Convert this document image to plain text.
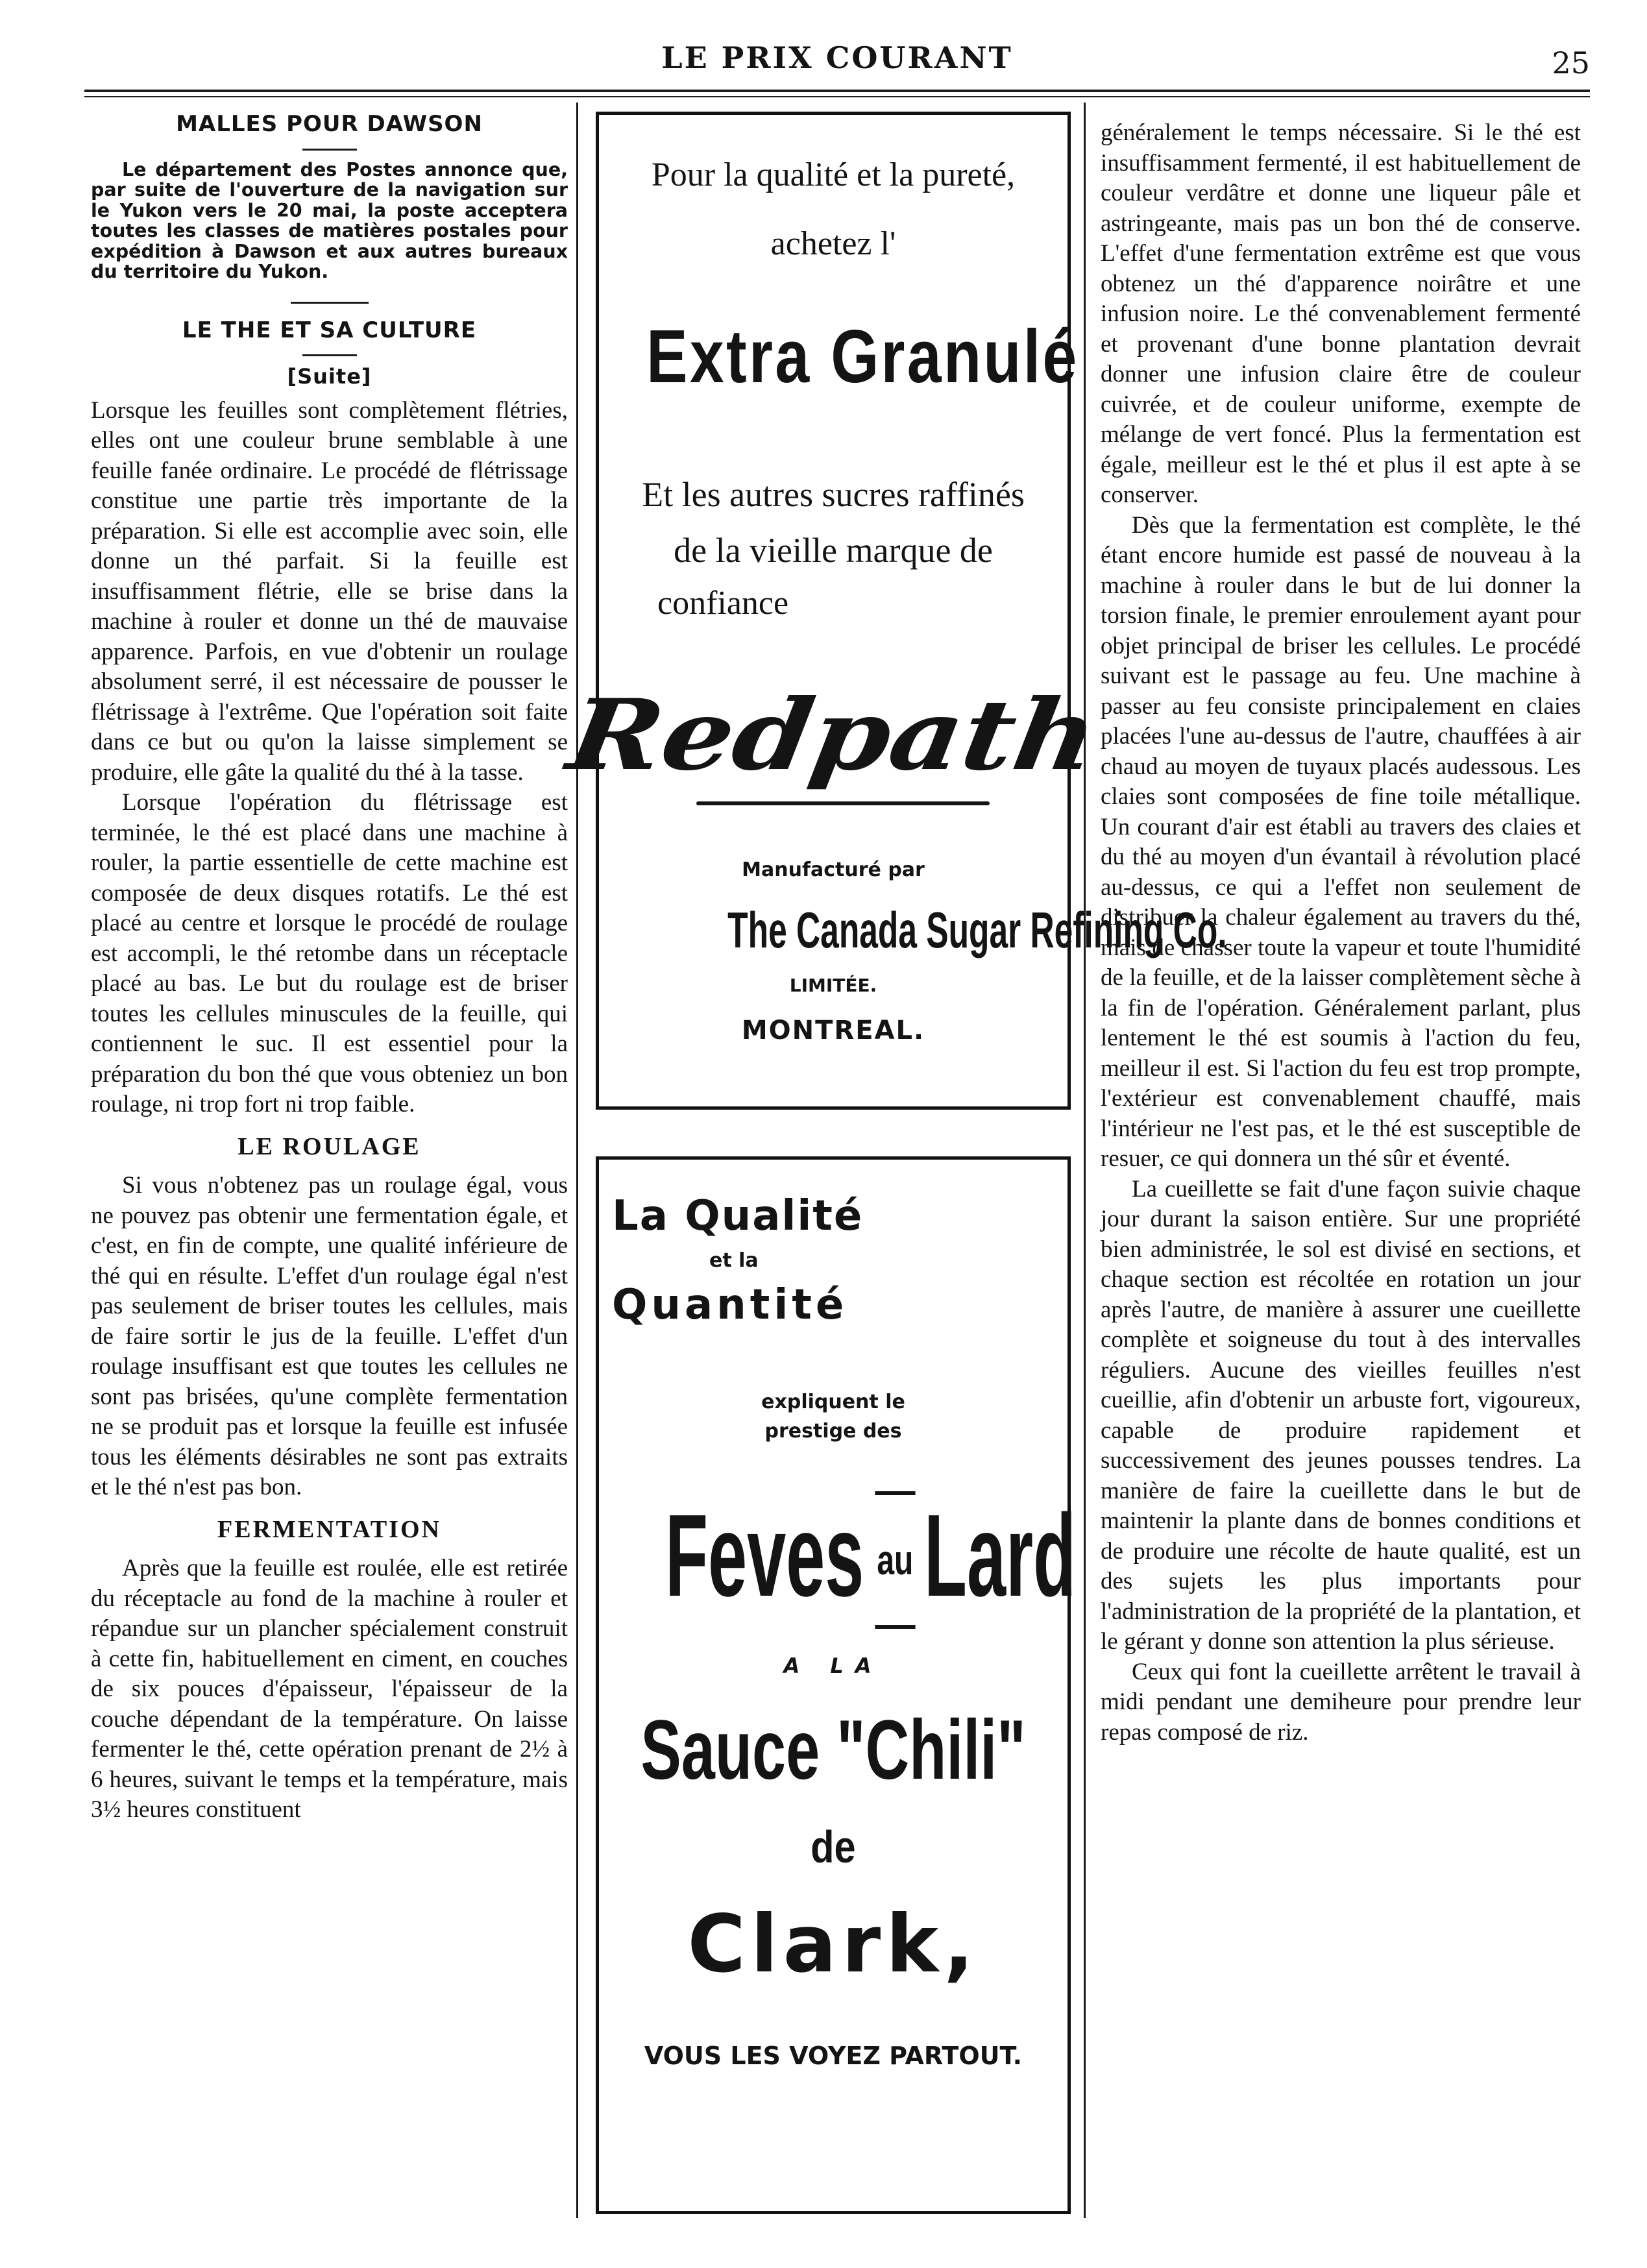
LE PRIX COURANT	25
MALLES POUR DAWSON

Le département des Postes annonce que, par suite de l'ouverture de la navigation sur le Yukon vers le 20 mai, la poste acceptera toutes les classes de matières postales pour expédition à Dawson et aux autres bureaux du territoire du Yukon.

LE THE ET SA CULTURE
[Suite]

Lorsque les feuilles sont complètement flétries, elles ont une couleur brune semblable à une feuille fanée ordinaire. Le procédé de flétrissage constitue une partie très importante de la préparation. Si elle est accomplie avec soin, elle donne un thé parfait. Si la feuille est insuffisamment flétrie, elle se brise dans la machine à rouler et donne un thé de mauvaise apparence. Parfois, en vue d'obtenir un roulage absolument serré, il est nécessaire de pousser le flétrissage à l'extrême. Que l'opération soit faite dans ce but ou qu'on la laisse simplement se produire, elle gâte la qualité du thé à la tasse.

Lorsque l'opération du flétrissage est terminée, le thé est placé dans une machine à rouler, la partie essentielle de cette machine est composée de deux disques rotatifs. Le thé est placé au centre et lorsque le procédé de roulage est accompli, le thé retombe dans un réceptacle placé au bas. Le but du roulage est de briser toutes les cellules minuscules de la feuille, qui contiennent le suc. Il est essentiel pour la préparation du bon thé que vous obteniez un bon roulage, ni trop fort ni trop faible.

LE ROULAGE

Si vous n'obtenez pas un roulage égal, vous ne pouvez pas obtenir une fermentation égale, et c'est, en fin de compte, une qualité inférieure de thé qui en résulte. L'effet d'un roulage égal n'est pas seulement de briser toutes les cellules, mais de faire sortir le jus de la feuille. L'effet d'un roulage insuffisant est que toutes les cellules ne sont pas brisées, qu'une complète fermentation ne se produit pas et lorsque la feuille est infusée tous les éléments désirables ne sont pas extraits et le thé n'est pas bon.

FERMENTATION

Après que la feuille est roulée, elle est retirée du réceptacle au fond de la machine à rouler et répandue sur un plancher spécialement construit à cette fin, habituellement en ciment, en couches de six pouces d'épaisseur, l'épaisseur de la couche dépendant de la température. On laisse fermenter le thé, cette opération prenant de 2½ à 6 heures, suivant le temps et la température, mais 3½ heures constituent

Pour la qualité et la pureté,
achetez l'
Extra Granulé
Et les autres sucres raffinés
de la vieille marque de
confiance
Redpath
Manufacturé par
The Canada Sugar Refining Co.
LIMITÉE.
MONTREAL.
La Qualité
et la
Quantité
expliquent le prestige des
Feves au Lard
A LA
Sauce "Chili"
de
Clark,
VOUS LES VOYEZ PARTOUT.

généralement le temps nécessaire. Si le thé est insuffisamment fermenté, il est habituellement de couleur verdâtre et donne une liqueur pâle et astringeante, mais pas un bon thé de conserve. L'effet d'une fermentation extrême est que vous obtenez un thé d'apparence noirâtre et une infusion noire. Le thé convenablement fermenté et provenant d'une bonne plantation devrait donner une infusion claire être de couleur cuivrée, et de couleur uniforme, exempte de mélange de vert foncé. Plus la fermentation est égale, meilleur est le thé et plus il est apte à se conserver.

Dès que la fermentation est complète, le thé étant encore humide est passé de nouveau à la machine à rouler dans le but de lui donner la torsion finale, le premier enroulement ayant pour objet principal de briser les cellules. Le procédé suivant est le passage au feu. Une machine à passer au feu consiste principalement en claies placées l'une au-dessus de l'autre, chauffées à air chaud au moyen de tuyaux placés audessous. Les claies sont composées de fine toile métallique. Un courant d'air est établi au travers des claies et du thé au moyen d'un évantail à révolution placé au-dessus, ce qui a l'effet non seulement de distribuer la chaleur également au travers du thé, mais de chasser toute la vapeur et toute l'humidité de la feuille, et de la laisser complètement sèche à la fin de l'opération. Généralement parlant, plus lentement le thé est soumis à l'action du feu, meilleur il est. Si l'action du feu est trop prompte, l'extérieur est convenablement chauffé, mais l'intérieur ne l'est pas, et le thé est susceptible de resuer, ce qui donnera un thé sûr et éventé.

La cueillette se fait d'une façon suivie chaque jour durant la saison entière. Sur une propriété bien administrée, le sol est divisé en sections, et chaque section est récoltée en rotation un jour après l'autre, de manière à assurer une cueillette complète et soigneuse du tout à des intervalles réguliers. Aucune des vieilles feuilles n'est cueillie, afin d'obtenir un arbuste fort, vigoureux, capable de produire rapidement et successivement des jeunes pousses tendres. La manière de faire la cueillette dans le but de maintenir la plante dans de bonnes conditions et de produire une récolte de haute qualité, est un des sujets les plus importants pour l'administration de la propriété de la plantation, et le gérant y donne son attention la plus sérieuse.

Ceux qui font la cueillette arrêtent le travail à midi pendant une demiheure pour prendre leur repas composé de riz.
